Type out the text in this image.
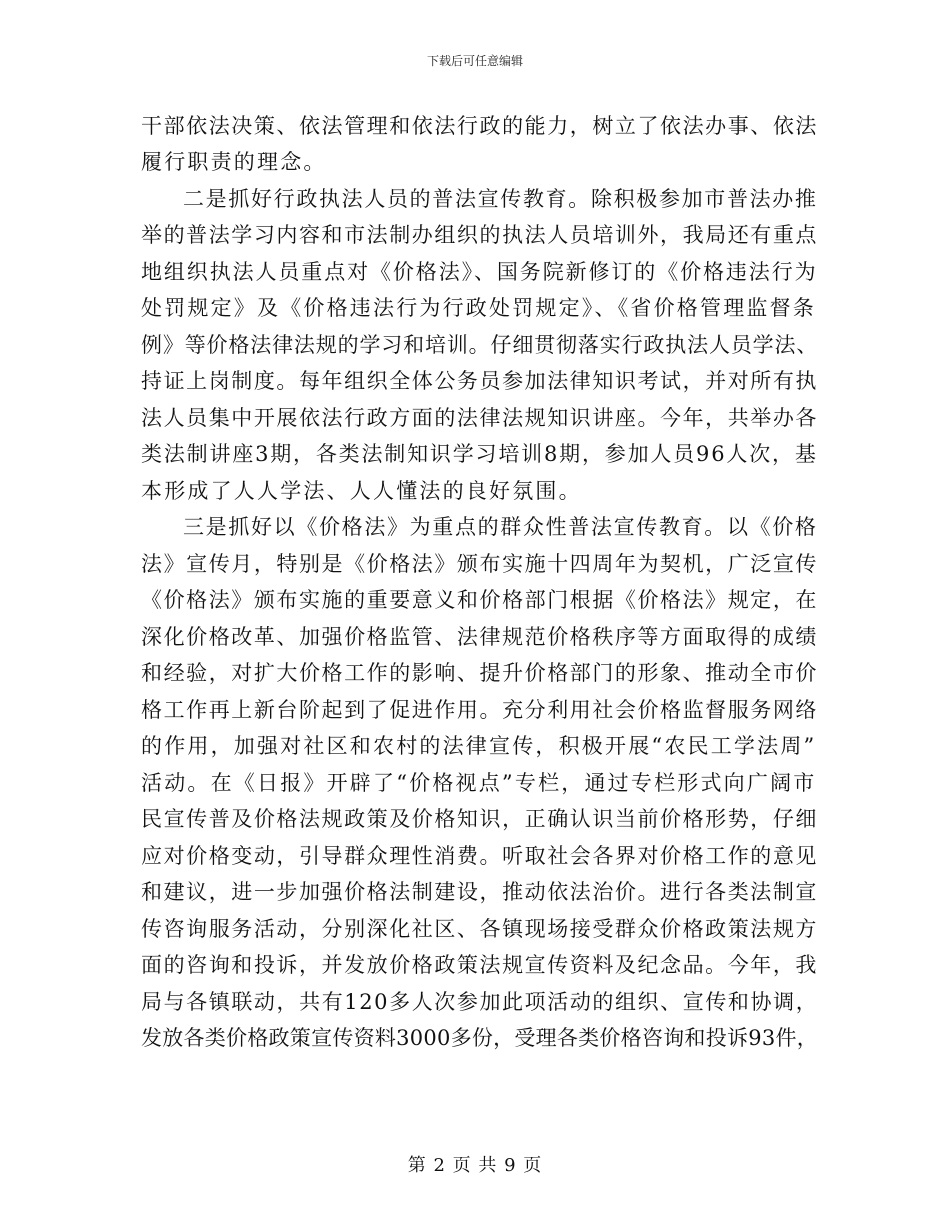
下载后可任意编辑
干部依法决策、依法管理和依法行政的能力，树立了依法办事、依法
履行职责的理念。
二是抓好行政执法人员的普法宣传教育。除积极参加市普法办推
举的普法学习内容和市法制办组织的执法人员培训外，我局还有重点
地组织执法人员重点对《价格法》、国务院新修订的《价格违法行为
处罚规定》及《价格违法行为行政处罚规定》、《省价格管理监督条
例》等价格法律法规的学习和培训。仔细贯彻落实行政执法人员学法、
持证上岗制度。每年组织全体公务员参加法律知识考试，并对所有执
法人员集中开展依法行政方面的法律法规知识讲座。今年，共举办各
类法制讲座3期，各类法制知识学习培训8期，参加人员96人次，基
本形成了人人学法、人人懂法的良好氛围。
三是抓好以《价格法》为重点的群众性普法宣传教育。以《价格
法》宣传月，特别是《价格法》颁布实施十四周年为契机，广泛宣传
《价格法》颁布实施的重要意义和价格部门根据《价格法》规定，在
深化价格改革、加强价格监管、法律规范价格秩序等方面取得的成绩
和经验，对扩大价格工作的影响、提升价格部门的形象、推动全市价
格工作再上新台阶起到了促进作用。充分利用社会价格监督服务网络
的作用，加强对社区和农村的法律宣传，积极开展“农民工学法周”
活动。在《日报》开辟了“价格视点”专栏，通过专栏形式向广阔市
民宣传普及价格法规政策及价格知识，正确认识当前价格形势，仔细
应对价格变动，引导群众理性消费。听取社会各界对价格工作的意见
和建议，进一步加强价格法制建设，推动依法治价。进行各类法制宣
传咨询服务活动，分别深化社区、各镇现场接受群众价格政策法规方
面的咨询和投诉，并发放价格政策法规宣传资料及纪念品。今年，我
局与各镇联动，共有120多人次参加此项活动的组织、宣传和协调，
发放各类价格政策宣传资料3000多份，受理各类价格咨询和投诉93件，
第 2 页 共 9 页
